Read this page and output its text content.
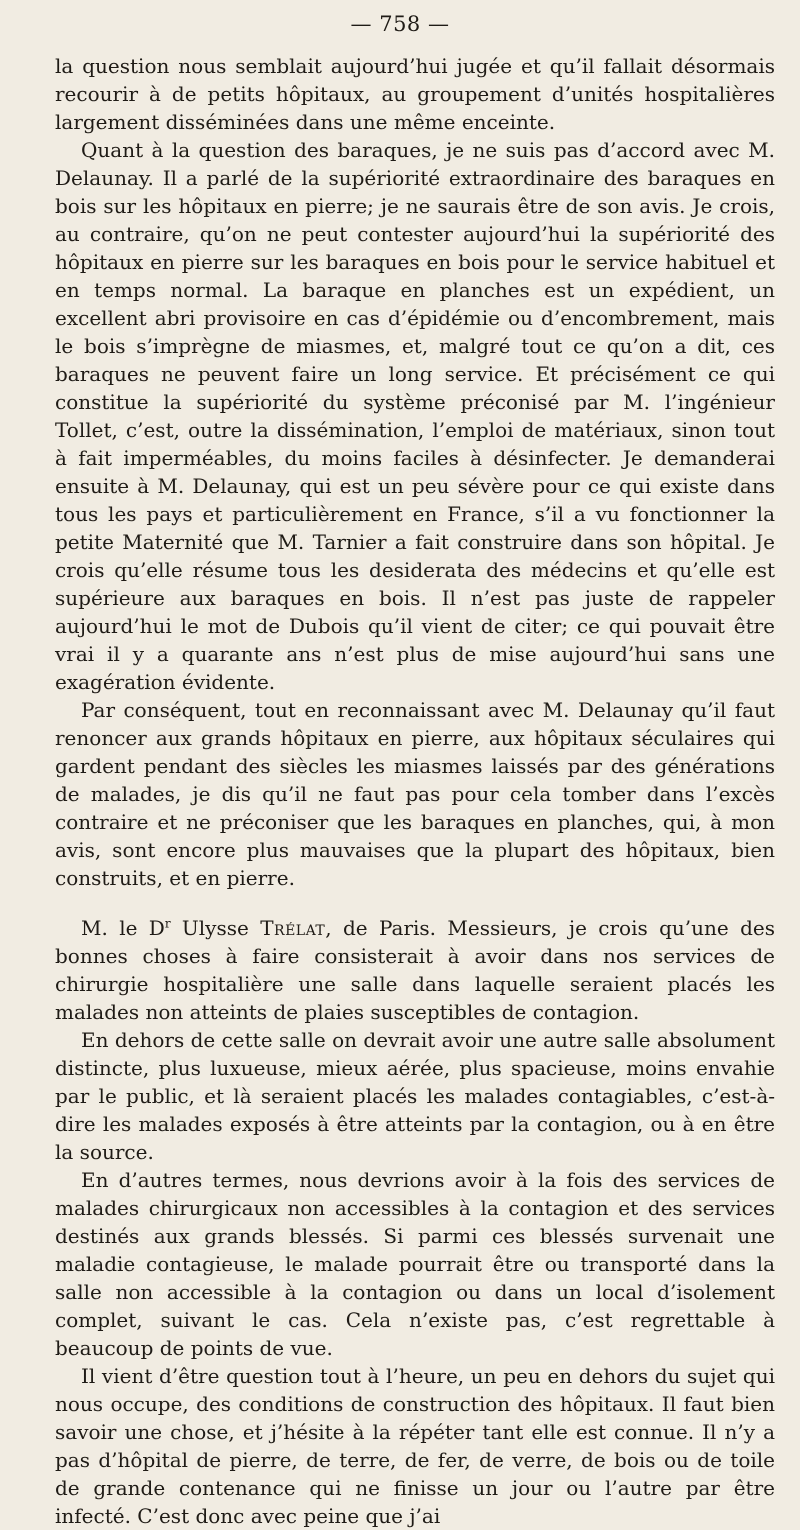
— 758 —

la question nous semblait aujourd’hui jugée et qu’il fallait désormais recourir à de petits hôpitaux, au groupement d’unités hospitalières largement disséminées dans une même enceinte.

Quant à la question des baraques, je ne suis pas d’accord avec M. Delaunay. Il a parlé de la supériorité extraordinaire des baraques en bois sur les hôpitaux en pierre; je ne saurais être de son avis. Je crois, au contraire, qu’on ne peut contester aujourd’hui la supériorité des hôpitaux en pierre sur les baraques en bois pour le service habituel et en temps normal. La baraque en planches est un expédient, un excellent abri provisoire en cas d’épidémie ou d’encombrement, mais le bois s’imprègne de miasmes, et, malgré tout ce qu’on a dit, ces baraques ne peuvent faire un long service. Et précisément ce qui constitue la supériorité du système préconisé par M. l’ingénieur Tollet, c’est, outre la dissémination, l’emploi de matériaux, sinon tout à fait imperméables, du moins faciles à désinfecter. Je demanderai ensuite à M. Delaunay, qui est un peu sévère pour ce qui existe dans tous les pays et particulièrement en France, s’il a vu fonctionner la petite Maternité que M. Tarnier a fait construire dans son hôpital. Je crois qu’elle résume tous les desiderata des médecins et qu’elle est supérieure aux baraques en bois. Il n’est pas juste de rappeler aujourd’hui le mot de Dubois qu’il vient de citer; ce qui pouvait être vrai il y a quarante ans n’est plus de mise aujourd’hui sans une exagération évidente.

Par conséquent, tout en reconnaissant avec M. Delaunay qu’il faut renoncer aux grands hôpitaux en pierre, aux hôpitaux séculaires qui gardent pendant des siècles les miasmes laissés par des générations de malades, je dis qu’il ne faut pas pour cela tomber dans l’excès contraire et ne préconiser que les baraques en planches, qui, à mon avis, sont encore plus mauvaises que la plupart des hôpitaux, bien construits, et en pierre.

M. le $D^r$ Ulysse Trélat, de Paris. Messieurs, je crois qu’une des bonnes choses à faire consisterait à avoir dans nos services de chirurgie hospitalière une salle dans laquelle seraient placés les malades non atteints de plaies susceptibles de contagion.

En dehors de cette salle on devrait avoir une autre salle absolument distincte, plus luxueuse, mieux aérée, plus spacieuse, moins envahie par le public, et là seraient placés les malades contagiables, c’est-à-dire les malades exposés à être atteints par la contagion, ou à en être la source.

En d’autres termes, nous devrions avoir à la fois des services de malades chirurgicaux non accessibles à la contagion et des services destinés aux grands blessés. Si parmi ces blessés survenait une maladie contagieuse, le malade pourrait être ou transporté dans la salle non accessible à la contagion ou dans un local d’isolement complet, suivant le cas. Cela n’existe pas, c’est regrettable à beaucoup de points de vue.

Il vient d’être question tout à l’heure, un peu en dehors du sujet qui nous occupe, des conditions de construction des hôpitaux. Il faut bien savoir une chose, et j’hésite à la répéter tant elle est connue. Il n’y a pas d’hôpital de pierre, de terre, de fer, de verre, de bois ou de toile de grande contenance qui ne finisse un jour ou l’autre par être infecté. C’est donc avec peine que j’ai
